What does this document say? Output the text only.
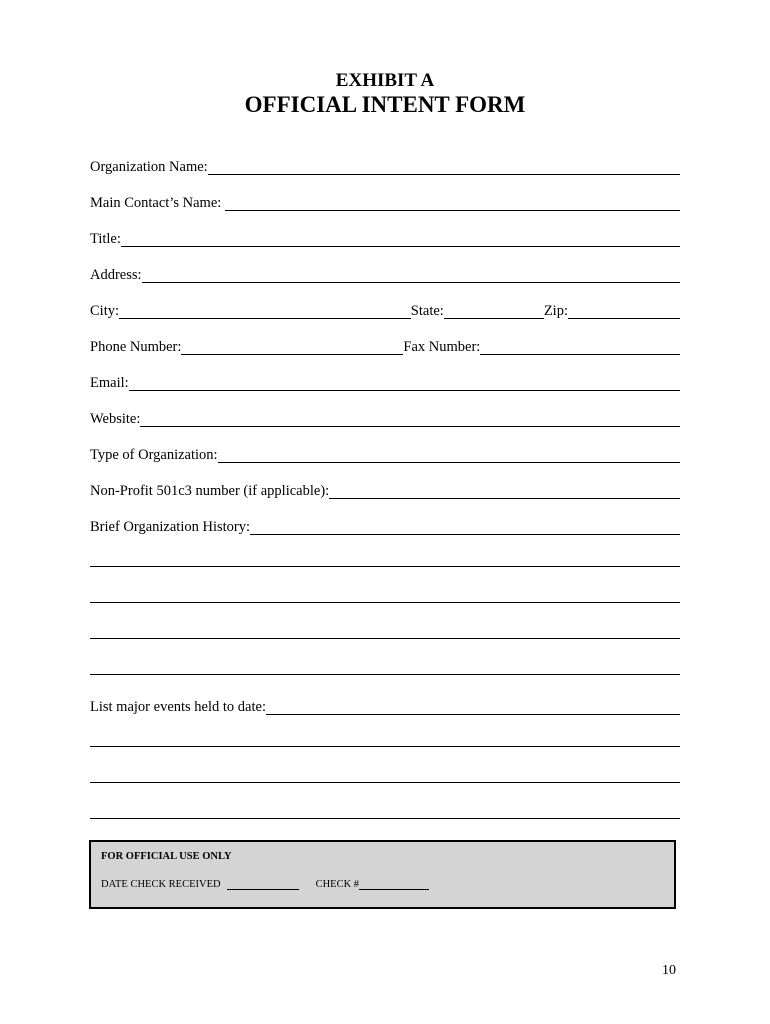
EXHIBIT A
OFFICIAL INTENT FORM
Organization Name:
Main Contact’s Name:
Title:
Address:
City:	State:	Zip:
Phone Number:	Fax Number:
Email:
Website:
Type of Organization:
Non-Profit 501c3 number (if applicable):
Brief Organization History:
List major events held to date:
FOR OFFICIAL USE ONLY
DATE CHECK RECEIVED	CHECK #
10
